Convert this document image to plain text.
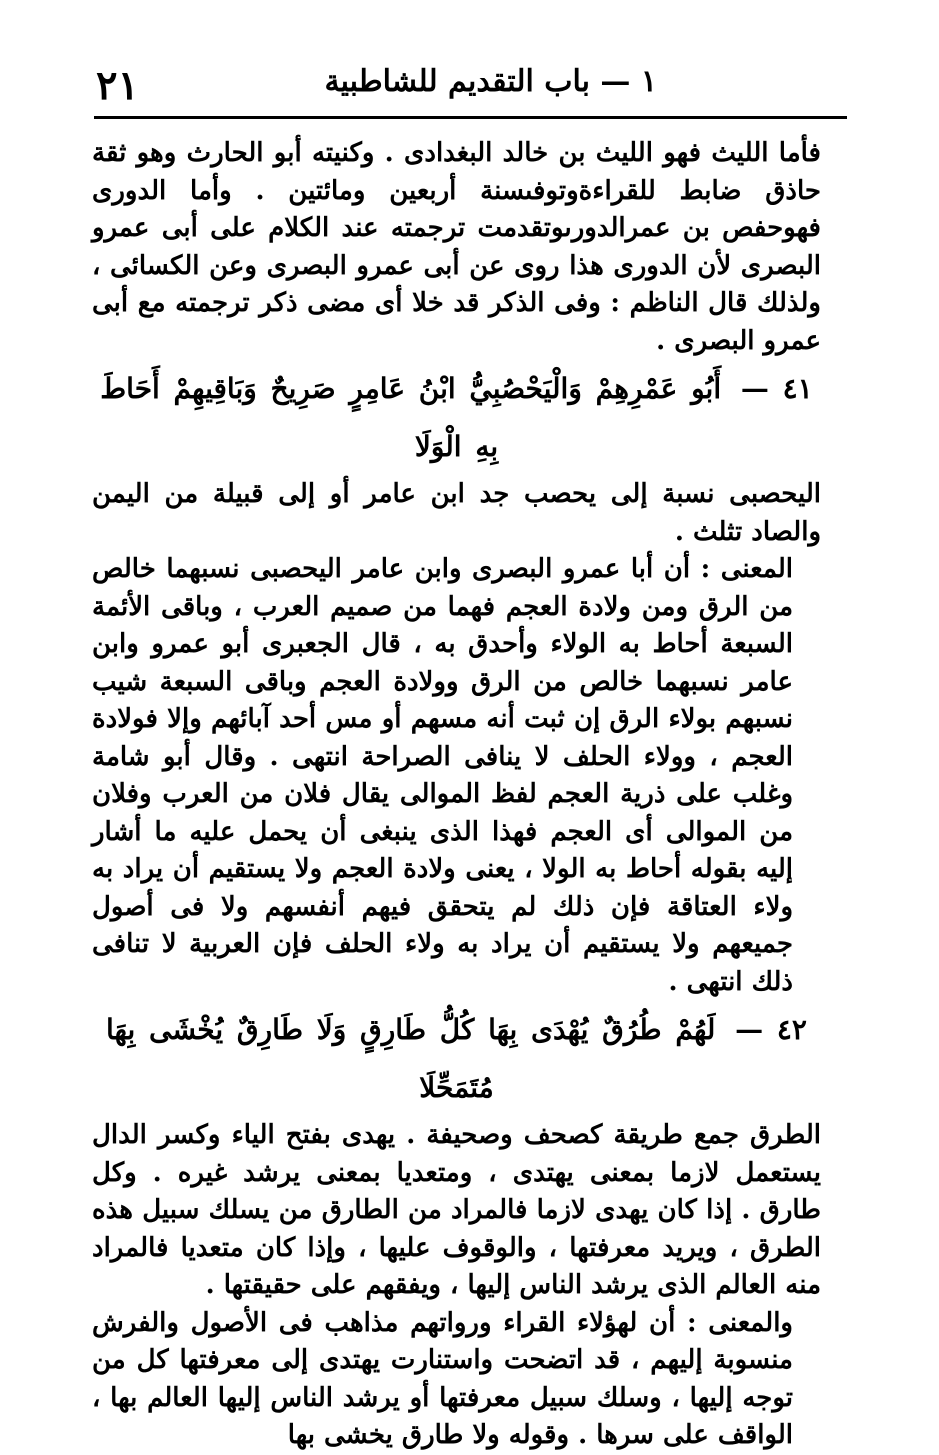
١ — باب التقديم للشاطبية
٢١

فأما الليث فهو الليث بن خالد البغدادى . وكنيته أبو الحارث وهو ثقة حاذق ضابط للقراءةوتوفىسنة أربعين ومائتين . وأما الدورى فهوحفص بن عمرالدورىوتقدمت ترجمته عند الكلام على أبى عمرو البصرى لأن الدورى هذا روى عن أبى عمرو البصرى وعن الكسائى ، ولذلك قال الناظم : وفى الذكر قد خلا أى مضى ذكر ترجمته مع أبى عمرو البصرى .

٤١ — أَبُو عَمْرِهِمْ وَالْيَحْصُبِيُّ ابْنُ عَامِرٍ صَرِيحٌ وَبَاقِيهِمْ أَحَاطَ بِهِ الْوَلَا

اليحصبى نسبة إلى يحصب جد ابن عامر أو إلى قبيلة من اليمن والصاد تثلث .

المعنى : أن أبا عمرو البصرى وابن عامر اليحصبى نسبهما خالص من الرق ومن ولادة العجم فهما من صميم العرب ، وباقى الأئمة السبعة أحاط به الولاء وأحدق به ، قال الجعبرى أبو عمرو وابن عامر نسبهما خالص من الرق وولادة العجم وباقى السبعة شيب نسبهم بولاء الرق إن ثبت أنه مسهم أو مس أحد آبائهم وإلا فولادة العجم ، وولاء الحلف لا ينافى الصراحة انتهى . وقال أبو شامة وغلب على ذرية العجم لفظ الموالى يقال فلان من العرب وفلان من الموالى أى العجم فهذا الذى ينبغى أن يحمل عليه ما أشار إليه بقوله أحاط به الولا ، يعنى ولادة العجم ولا يستقيم أن يراد به ولاء العتاقة فإن ذلك لم يتحقق فيهم أنفسهم ولا فى أصول جميعهم ولا يستقيم أن يراد به ولاء الحلف فإن العربية لا تنافى ذلك انتهى .

٤٢ — لَهُمْ طُرُقٌ يُهْدَى بِهَا كُلُّ طَارِقٍ وَلَا طَارِقٌ يُخْشَى بِهَا مُتَمَحِّلَا

الطرق جمع طريقة كصحف وصحيفة . يهدى بفتح الياء وكسر الدال يستعمل لازما بمعنى يهتدى ، ومتعديا بمعنى يرشد غيره . وكل طارق . إذا كان يهدى لازما فالمراد من الطارق من يسلك سبيل هذه الطرق ، ويريد معرفتها ، والوقوف عليها ، وإذا كان متعديا فالمراد منه العالم الذى يرشد الناس إليها ، ويفقهم على حقيقتها .

والمعنى : أن لهؤلاء القراء ورواتهم مذاهب فى الأصول والفرش منسوبة إليهم ، قد اتضحت واستنارت يهتدى إلى معرفتها كل من توجه إليها ، وسلك سبيل معرفتها أو يرشد الناس إليها العالم بها ، الواقف على سرها . وقوله ولا طارق يخشى بها
